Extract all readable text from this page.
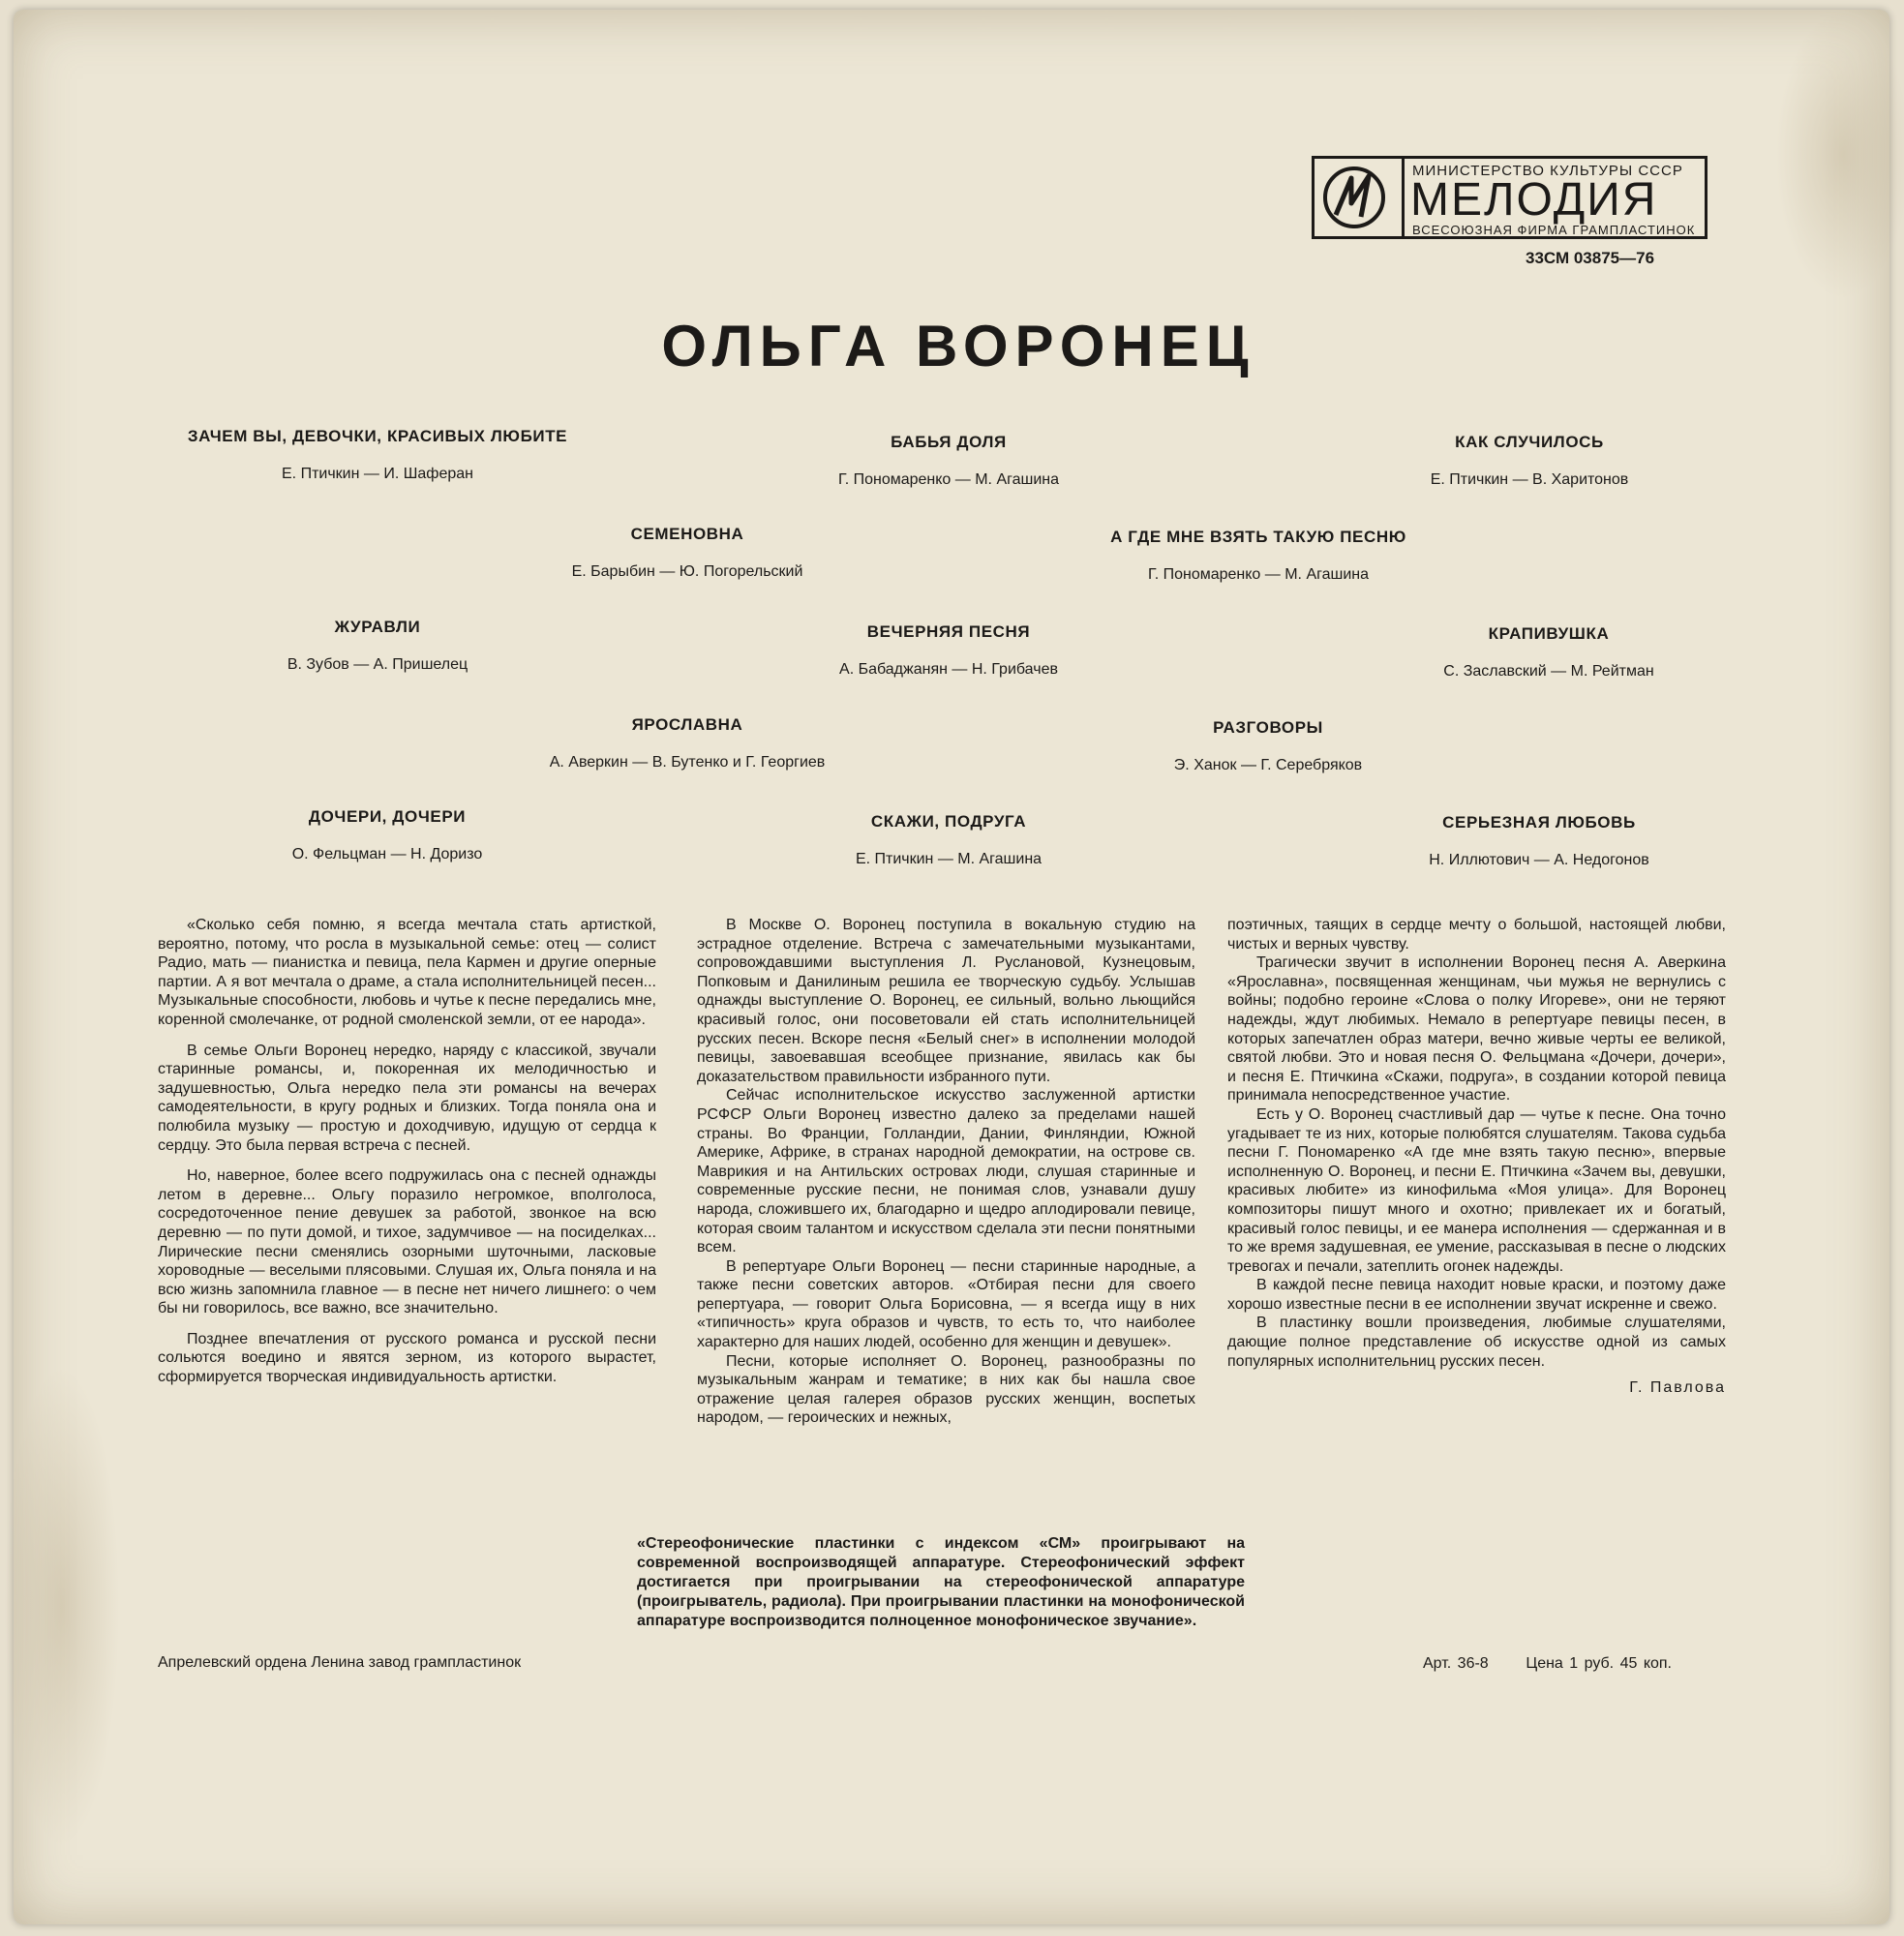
МИНИСТЕРСТВО КУЛЬТУРЫ СССР
МЕЛОДИЯ
ВСЕСОЮЗНАЯ ФИРМА ГРАМПЛАСТИНОК
33СМ 03875—76
ОЛЬГА ВОРОНЕЦ
ЗАЧЕМ ВЫ, ДЕВОЧКИ, КРАСИВЫХ ЛЮБИТЕ
Е. Птичкин — И. Шаферан
БАБЬЯ ДОЛЯ
Г. Пономаренко — М. Агашина
КАК СЛУЧИЛОСЬ
Е. Птичкин — В. Харитонов
СЕМЕНОВНА
Е. Барыбин — Ю. Погорельский
А ГДЕ МНЕ ВЗЯТЬ ТАКУЮ ПЕСНЮ
Г. Пономаренко — М. Агашина
ЖУРАВЛИ
В. Зубов — А. Пришелец
ВЕЧЕРНЯЯ ПЕСНЯ
А. Бабаджанян — Н. Грибачев
КРАПИВУШКА
С. Заславский — М. Рейтман
ЯРОСЛАВНА
А. Аверкин — В. Бутенко и Г. Георгиев
РАЗГОВОРЫ
Э. Ханок — Г. Серебряков
ДОЧЕРИ, ДОЧЕРИ
О. Фельцман — Н. Доризо
СКАЖИ, ПОДРУГА
Е. Птичкин — М. Агашина
СЕРЬЕЗНАЯ ЛЮБОВЬ
Н. Иллютович — А. Недогонов

«Сколько себя помню, я всегда мечтала стать артисткой, вероятно, потому, что росла в музыкальной семье: отец — солист Радио, мать — пианистка и певица, пела Кармен и другие оперные партии. А я вот мечтала о драме, а стала исполнительницей песен... Музыкальные способности, любовь и чутье к песне передались мне, коренной смолечанке, от родной смоленской земли, от ее народа».

В семье Ольги Воронец нередко, наряду с классикой, звучали старинные романсы, и, покоренная их мелодичностью и задушевностью, Ольга нередко пела эти романсы на вечерах самодеятельности, в кругу родных и близких. Тогда поняла она и полюбила музыку — простую и доходчивую, идущую от сердца к сердцу. Это была первая встреча с песней.

Но, наверное, более всего подружилась она с песней однажды летом в деревне... Ольгу поразило негромкое, вполголоса, сосредоточенное пение девушек за работой, звонкое на всю деревню — по пути домой, и тихое, задумчивое — на посиделках... Лирические песни сменялись озорными шуточными, ласковые хороводные — веселыми плясовыми. Слушая их, Ольга поняла и на всю жизнь запомнила главное — в песне нет ничего лишнего: о чем бы ни говорилось, все важно, все значительно.

Позднее впечатления от русского романса и русской песни сольются воедино и явятся зерном, из которого вырастет, сформируется творческая индивидуальность артистки.

В Москве О. Воронец поступила в вокальную студию на эстрадное отделение. Встреча с замечательными музыкантами, сопровождавшими выступления Л. Руслановой, Кузнецовым, Попковым и Данилиным решила ее творческую судьбу. Услышав однажды выступление О. Воронец, ее сильный, вольно льющийся красивый голос, они посоветовали ей стать исполнительницей русских песен. Вскоре песня «Белый снег» в исполнении молодой певицы, завоевавшая всеобщее признание, явилась как бы доказательством правильности избранного пути.

Сейчас исполнительское искусство заслуженной артистки РСФСР Ольги Воронец известно далеко за пределами нашей страны. Во Франции, Голландии, Дании, Финляндии, Южной Америке, Африке, в странах народной демократии, на острове св. Маврикия и на Антильских островах люди, слушая старинные и современные русские песни, не понимая слов, узнавали душу народа, сложившего их, благодарно и щедро аплодировали певице, которая своим талантом и искусством сделала эти песни понятными всем.

В репертуаре Ольги Воронец — песни старинные народные, а также песни советских авторов. «Отбирая песни для своего репертуара, — говорит Ольга Борисовна, — я всегда ищу в них «типичность» круга образов и чувств, то есть то, что наиболее характерно для наших людей, особенно для женщин и девушек».

Песни, которые исполняет О. Воронец, разнообразны по музыкальным жанрам и тематике; в них как бы нашла свое отражение целая галерея образов русских женщин, воспетых народом, — героических и нежных,

поэтичных, таящих в сердце мечту о большой, настоящей любви, чистых и верных чувству.

Трагически звучит в исполнении Воронец песня А. Аверкина «Ярославна», посвященная женщинам, чьи мужья не вернулись с войны; подобно героине «Слова о полку Игореве», они не теряют надежды, ждут любимых. Немало в репертуаре певицы песен, в которых запечатлен образ матери, вечно живые черты ее великой, святой любви. Это и новая песня О. Фельцмана «Дочери, дочери», и песня Е. Птичкина «Скажи, подруга», в создании которой певица принимала непосредственное участие.

Есть у О. Воронец счастливый дар — чутье к песне. Она точно угадывает те из них, которые полюбятся слушателям. Такова судьба песни Г. Пономаренко «А где мне взять такую песню», впервые исполненную О. Воронец, и песни Е. Птичкина «Зачем вы, девушки, красивых любите» из кинофильма «Моя улица». Для Воронец композиторы пишут много и охотно; привлекает их и богатый, красивый голос певицы, и ее манера исполнения — сдержанная и в то же время задушевная, ее умение, рассказывая в песне о людских тревогах и печали, затеплить огонек надежды.

В каждой песне певица находит новые краски, и поэтому даже хорошо известные песни в ее исполнении звучат искренне и свежо.

В пластинку вошли произведения, любимые слушателями, дающие полное представление об искусстве одной из самых популярных исполнительниц русских песен.

Г. Павлова
«Стереофонические пластинки с индексом «СМ» проигрывают на современной воспроизводящей аппаратуре. Стереофонический эффект достигается при проигрывании на стереофонической аппаратуре (проигрыватель, радиола). При проигрывании пластинки на монофонической аппаратуре воспроизводится полноценное монофоническое звучание».
Апрелевский ордена Ленина завод грампластинок	Арт. 36-8 Цена 1 руб. 45 коп.
